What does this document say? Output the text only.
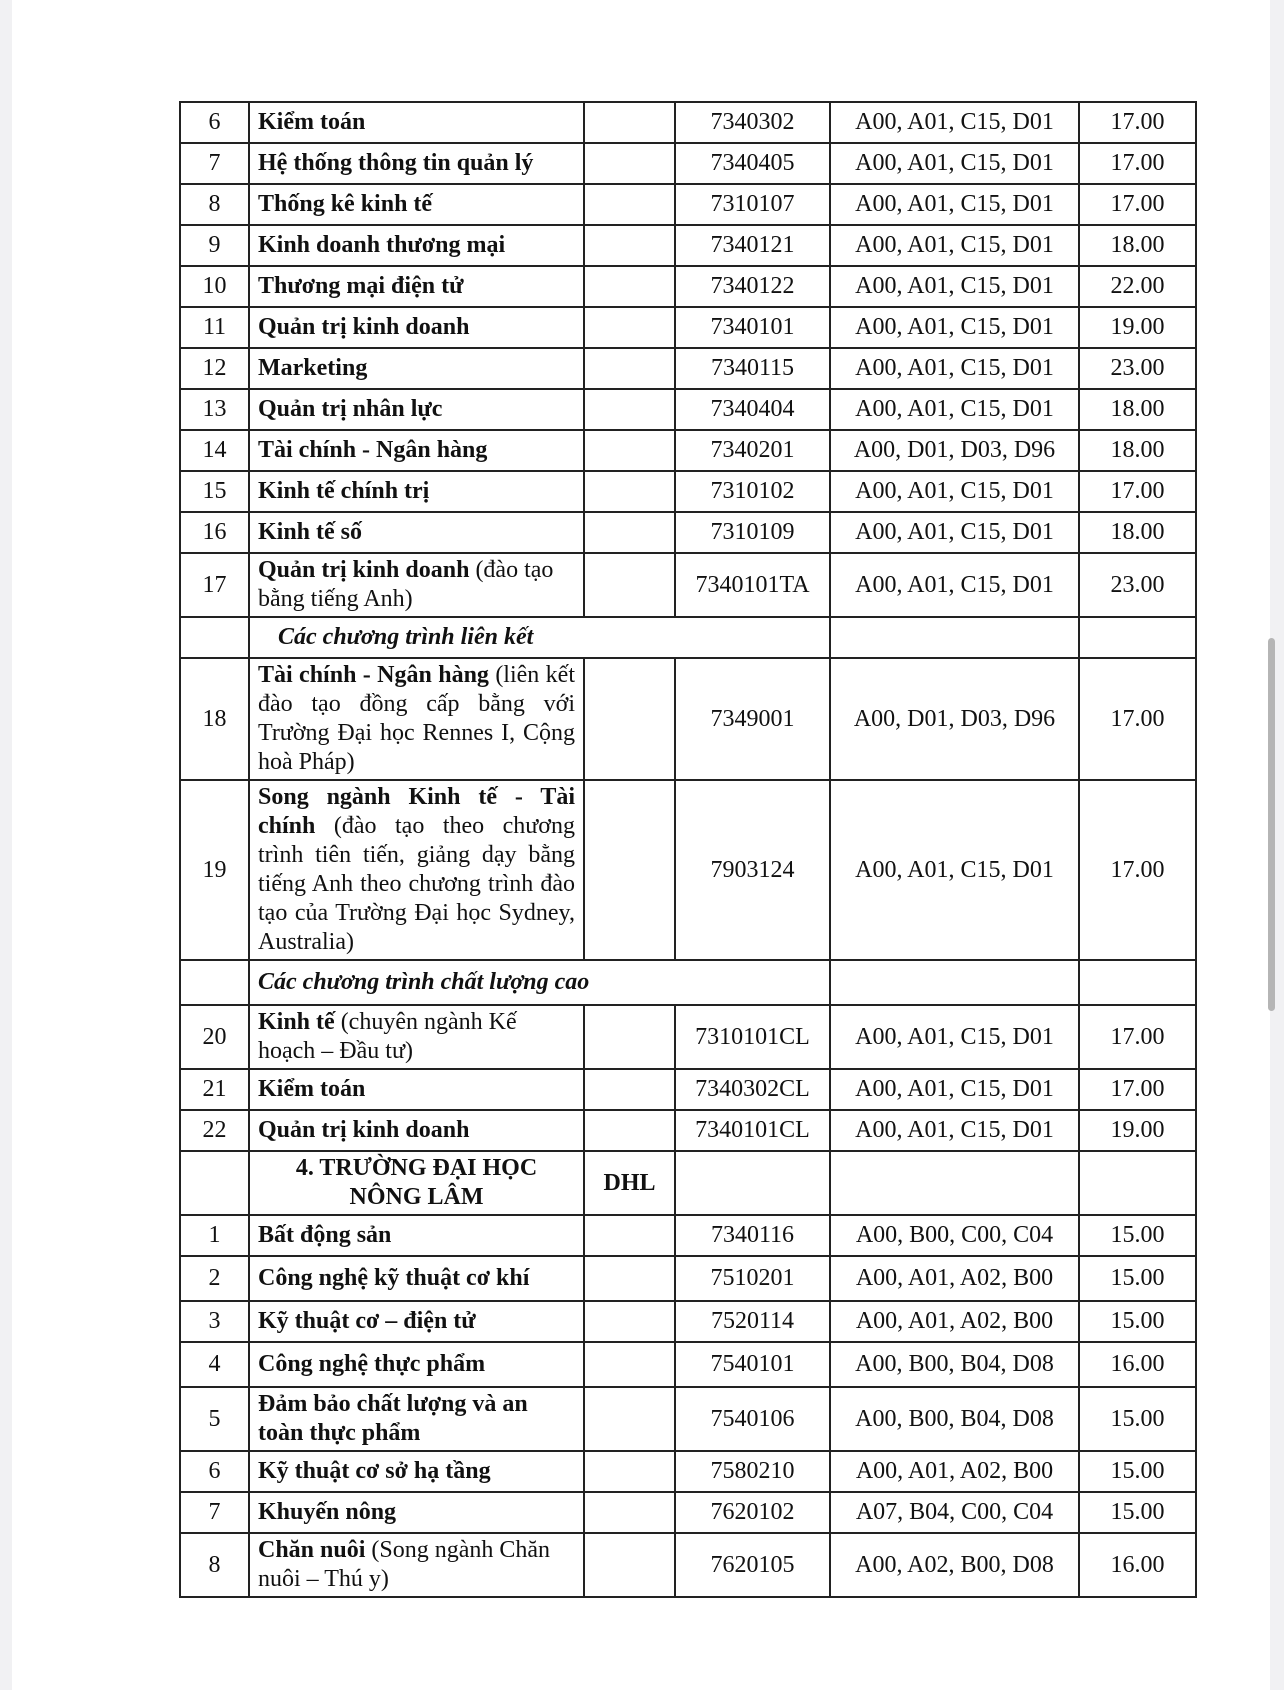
6	Kiểm toán		7340302	A00, A01, C15, D01	17.00
7	Hệ thống thông tin quản lý		7340405	A00, A01, C15, D01	17.00
8	Thống kê kinh tế		7310107	A00, A01, C15, D01	17.00
9	Kinh doanh thương mại		7340121	A00, A01, C15, D01	18.00
10	Thương mại điện tử		7340122	A00, A01, C15, D01	22.00
11	Quản trị kinh doanh		7340101	A00, A01, C15, D01	19.00
12	Marketing		7340115	A00, A01, C15, D01	23.00
13	Quản trị nhân lực		7340404	A00, A01, C15, D01	18.00
14	Tài chính - Ngân hàng		7340201	A00, D01, D03, D96	18.00
15	Kinh tế chính trị		7310102	A00, A01, C15, D01	17.00
16	Kinh tế số		7310109	A00, A01, C15, D01	18.00
17	Quản trị kinh doanh (đào tạo bằng tiếng Anh)		7340101TA	A00, A01, C15, D01	23.00
	Các chương trình liên kết				
18	Tài chính - Ngân hàng (liên kết đào tạo đồng cấp bằng với Trường Đại học Rennes I, Cộng hoà Pháp)		7349001	A00, D01, D03, D96	17.00
19	Song ngành Kinh tế - Tài chính (đào tạo theo chương trình tiên tiến, giảng dạy bằng tiếng Anh theo chương trình đào tạo của Trường Đại học Sydney, Australia)		7903124	A00, A01, C15, D01	17.00
	Các chương trình chất lượng cao				
20	Kinh tế (chuyên ngành Kế hoạch – Đầu tư)		7310101CL	A00, A01, C15, D01	17.00
21	Kiểm toán		7340302CL	A00, A01, C15, D01	17.00
22	Quản trị kinh doanh		7340101CL	A00, A01, C15, D01	19.00
	4. TRƯỜNG ĐẠI HỌC NÔNG LÂM	DHL			
1	Bất động sản		7340116	A00, B00, C00, C04	15.00
2	Công nghệ kỹ thuật cơ khí		7510201	A00, A01, A02, B00	15.00
3	Kỹ thuật cơ – điện tử		7520114	A00, A01, A02, B00	15.00
4	Công nghệ thực phẩm		7540101	A00, B00, B04, D08	16.00
5	Đảm bảo chất lượng và an toàn thực phẩm		7540106	A00, B00, B04, D08	15.00
6	Kỹ thuật cơ sở hạ tầng		7580210	A00, A01, A02, B00	15.00
7	Khuyến nông		7620102	A07, B04, C00, C04	15.00
8	Chăn nuôi (Song ngành Chăn nuôi – Thú y)		7620105	A00, A02, B00, D08	16.00
